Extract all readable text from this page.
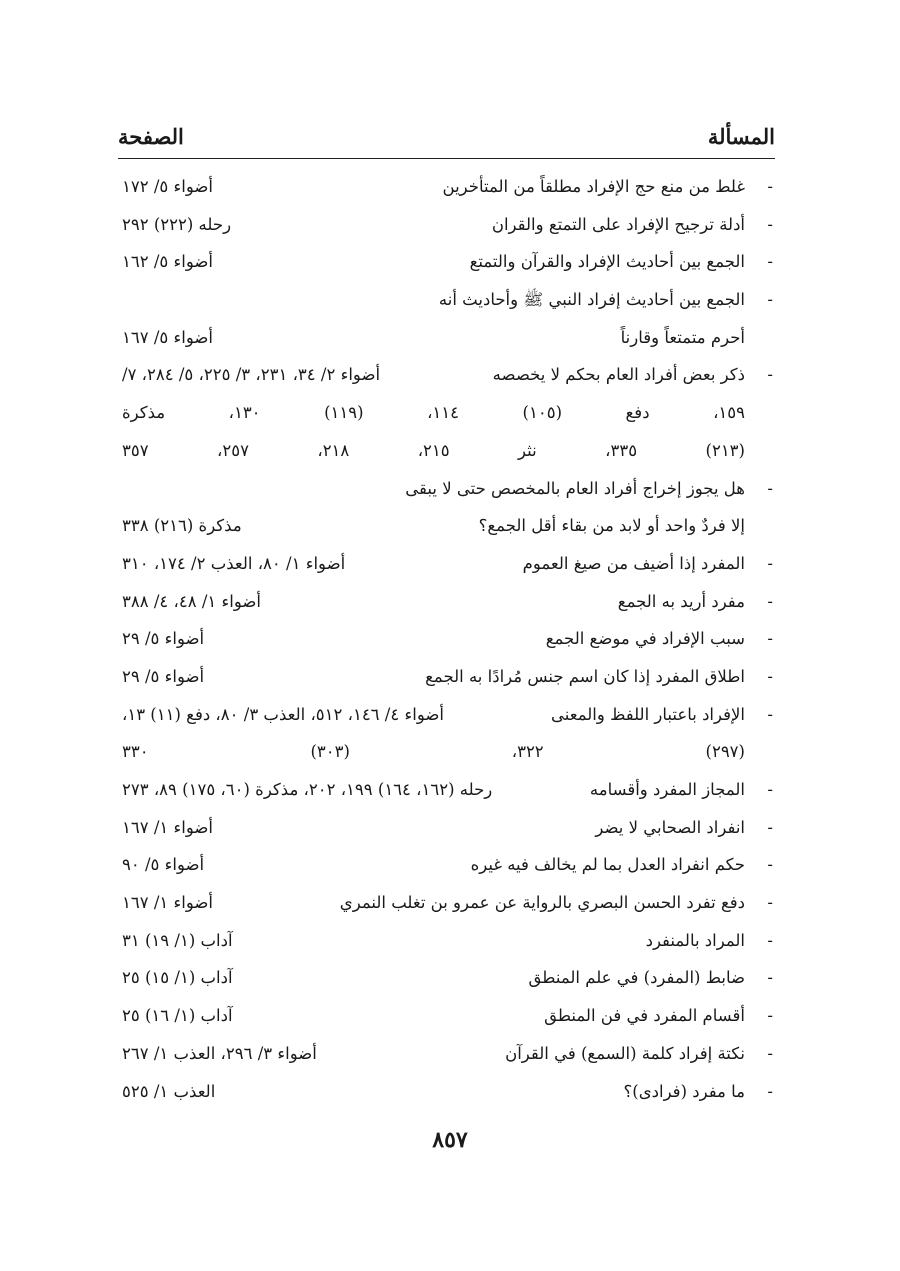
المسألة
الصفحة
-
غلط من منع حج الإفراد مطلقاً من المتأخرين
أضواء ٥/ ١٧٢
-
أدلة ترجيح الإفراد على التمتع والقران
رحله (٢٢٢) ٢٩٢
-
الجمع بين أحاديث الإفراد والقرآن والتمتع
أضواء ٥/ ١٦٢
-
الجمع بين أحاديث إفراد النبي ﷺ وأحاديث أنه
أحرم متمتعاً وقارناً
أضواء ٥/ ١٦٧
-
ذكر بعض أفراد العام بحكم لا يخصصه
أضواء ٢/ ٣٤، ٢٣١، ٣/ ٢٢٥، ٥/ ٢٨٤، ٧/
١٥٩، دفع (١٠٥) ١١٤، (١١٩) ١٣٠، مذكرة
(٢١٣) ٣٣٥، نثر ٢١٥، ٢١٨، ٢٥٧، ٣٥٧
-
هل يجوز إخراج أفراد العام بالمخصص حتى لا يبقى
إلا فردٌ واحد أو لابد من بقاء أقل الجمع؟
مذكرة (٢١٦) ٣٣٨
-
المفرد إذا أضيف من صيغ العموم
أضواء ١/ ٨٠، العذب ٢/ ١٧٤، ٣١٠
-
مفرد أريد به الجمع
أضواء ١/ ٤٨، ٤/ ٣٨٨
-
سبب الإفراد في موضع الجمع
أضواء ٥/ ٢٩
-
اطلاق المفرد إذا كان اسم جنس مُرادًا به الجمع
أضواء ٥/ ٢٩
-
الإفراد باعتبار اللفظ والمعنى
أضواء ٤/ ١٤٦، ٥١٢، العذب ٣/ ٨٠، دفع (١١) ١٣،
(٢٩٧) ٣٢٢، (٣٠٣) ٣٣٠
-
المجاز المفرد وأقسامه
رحله (١٦٢، ١٦٤) ١٩٩، ٢٠٢، مذكرة (٦٠، ١٧٥) ٨٩، ٢٧٣
-
انفراد الصحابي لا يضر
أضواء ١/ ١٦٧
-
حكم انفراد العدل بما لم يخالف فيه غيره
أضواء ٥/ ٩٠
-
دفع تفرد الحسن البصري بالرواية عن عمرو بن تغلب النمري
أضواء ١/ ١٦٧
-
المراد بالمنفرد
آداب (١/ ١٩) ٣١
-
ضابط (المفرد) في علم المنطق
آداب (١/ ١٥) ٢٥
-
أقسام المفرد في فن المنطق
آداب (١/ ١٦) ٢٥
-
نكتة إفراد كلمة (السمع) في القرآن
أضواء ٣/ ٢٩٦، العذب ١/ ٢٦٧
-
ما مفرد (فرادى)؟
العذب ١/ ٥٢٥
٨٥٧
